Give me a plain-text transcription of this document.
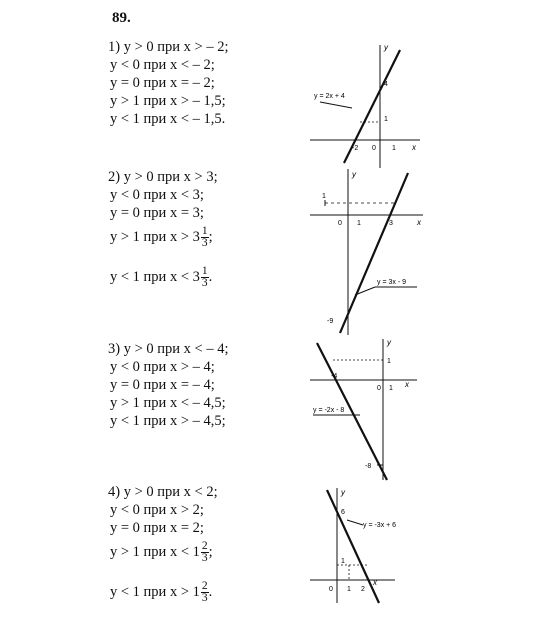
89.
1) y > 0 при x > – 2;
y < 0 при x < – 2;
y = 0 при x = – 2;
y > 1 при x > – 1,5;
y < 1 при x < – 1,5.
2) y > 0 при x > 3;
y < 0 при x < 3;
y = 0 при x = 3;
y > 1 при $x > 3 \frac{1}{3}$ ;
y < 1 при $x < 3 \frac{1}{3}$ .
3) y > 0 при x < – 4;
y < 0 при x > – 4;
y = 0 при x = – 4;
y > 1 при x < – 4,5;
y < 1 при x > – 4,5;
4) y > 0 при x < 2;
y < 0 при x > 2;
y = 0 при x = 2;
y > 1 при $x < 1 \frac{2}{3}$ ;
y < 1 при $x > 1 \frac{2}{3}$ .
y = 2x + 4
y
4
1
-2 0 1 x
y = 3x - 9
y
1
0 1	3	x
-9
y = -2x - 8
y
1
-4
0 1 x
-8
y = -3x + 6
y
6
1
0 1 2
x
